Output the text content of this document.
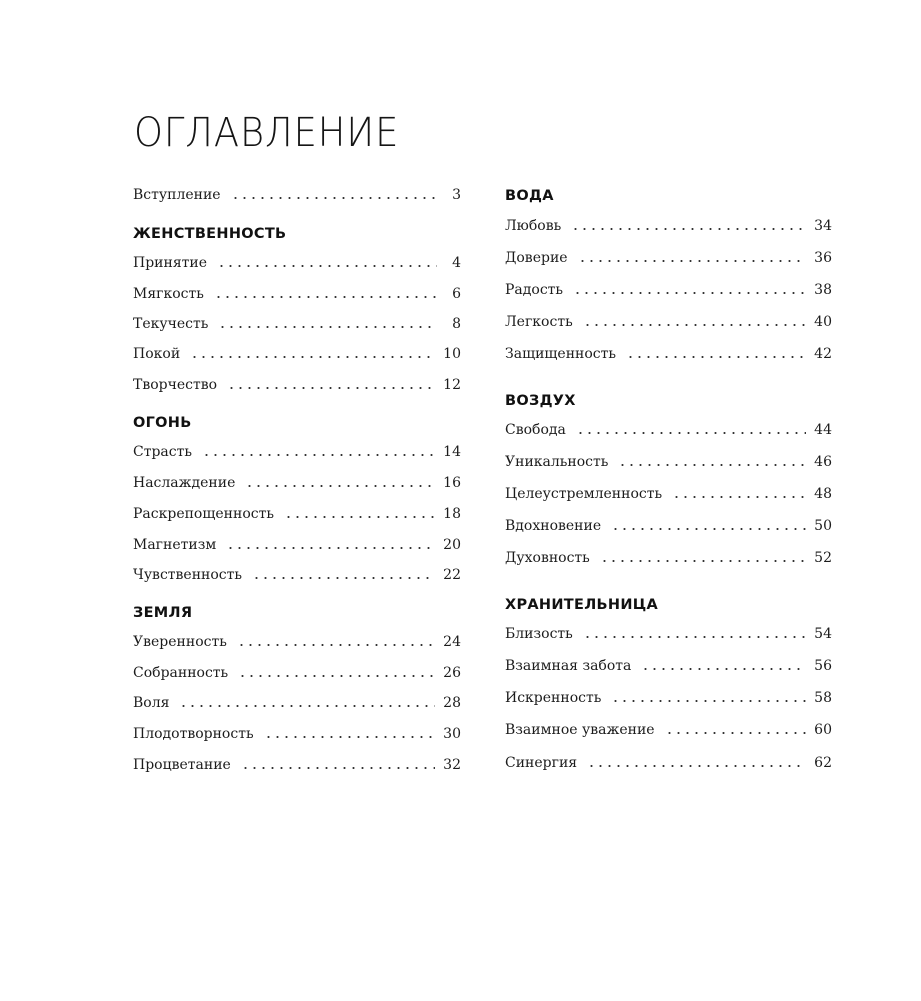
ОГЛАВЛЕНИЕ
Вступление	3
ЖЕНСТВЕННОСТЬ
Принятие	4
Мягкость	6
Текучесть	8
Покой	10
Творчество	12
ОГОНЬ
Страсть	14
Наслаждение	16
Раскрепощенность	18
Магнетизм	20
Чувственность	22
ЗЕМЛЯ
Уверенность	24
Собранность	26
Воля	28
Плодотворность	30
Процветание	32
ВОДА
Любовь	34
Доверие	36
Радость	38
Легкость	40
Защищенность	42
ВОЗДУХ
Свобода	44
Уникальность	46
Целеустремленность	48
Вдохновение	50
Духовность	52
ХРАНИТЕЛЬНИЦА
Близость	54
Взаимная забота	56
Искренность	58
Взаимное уважение	60
Синергия	62
